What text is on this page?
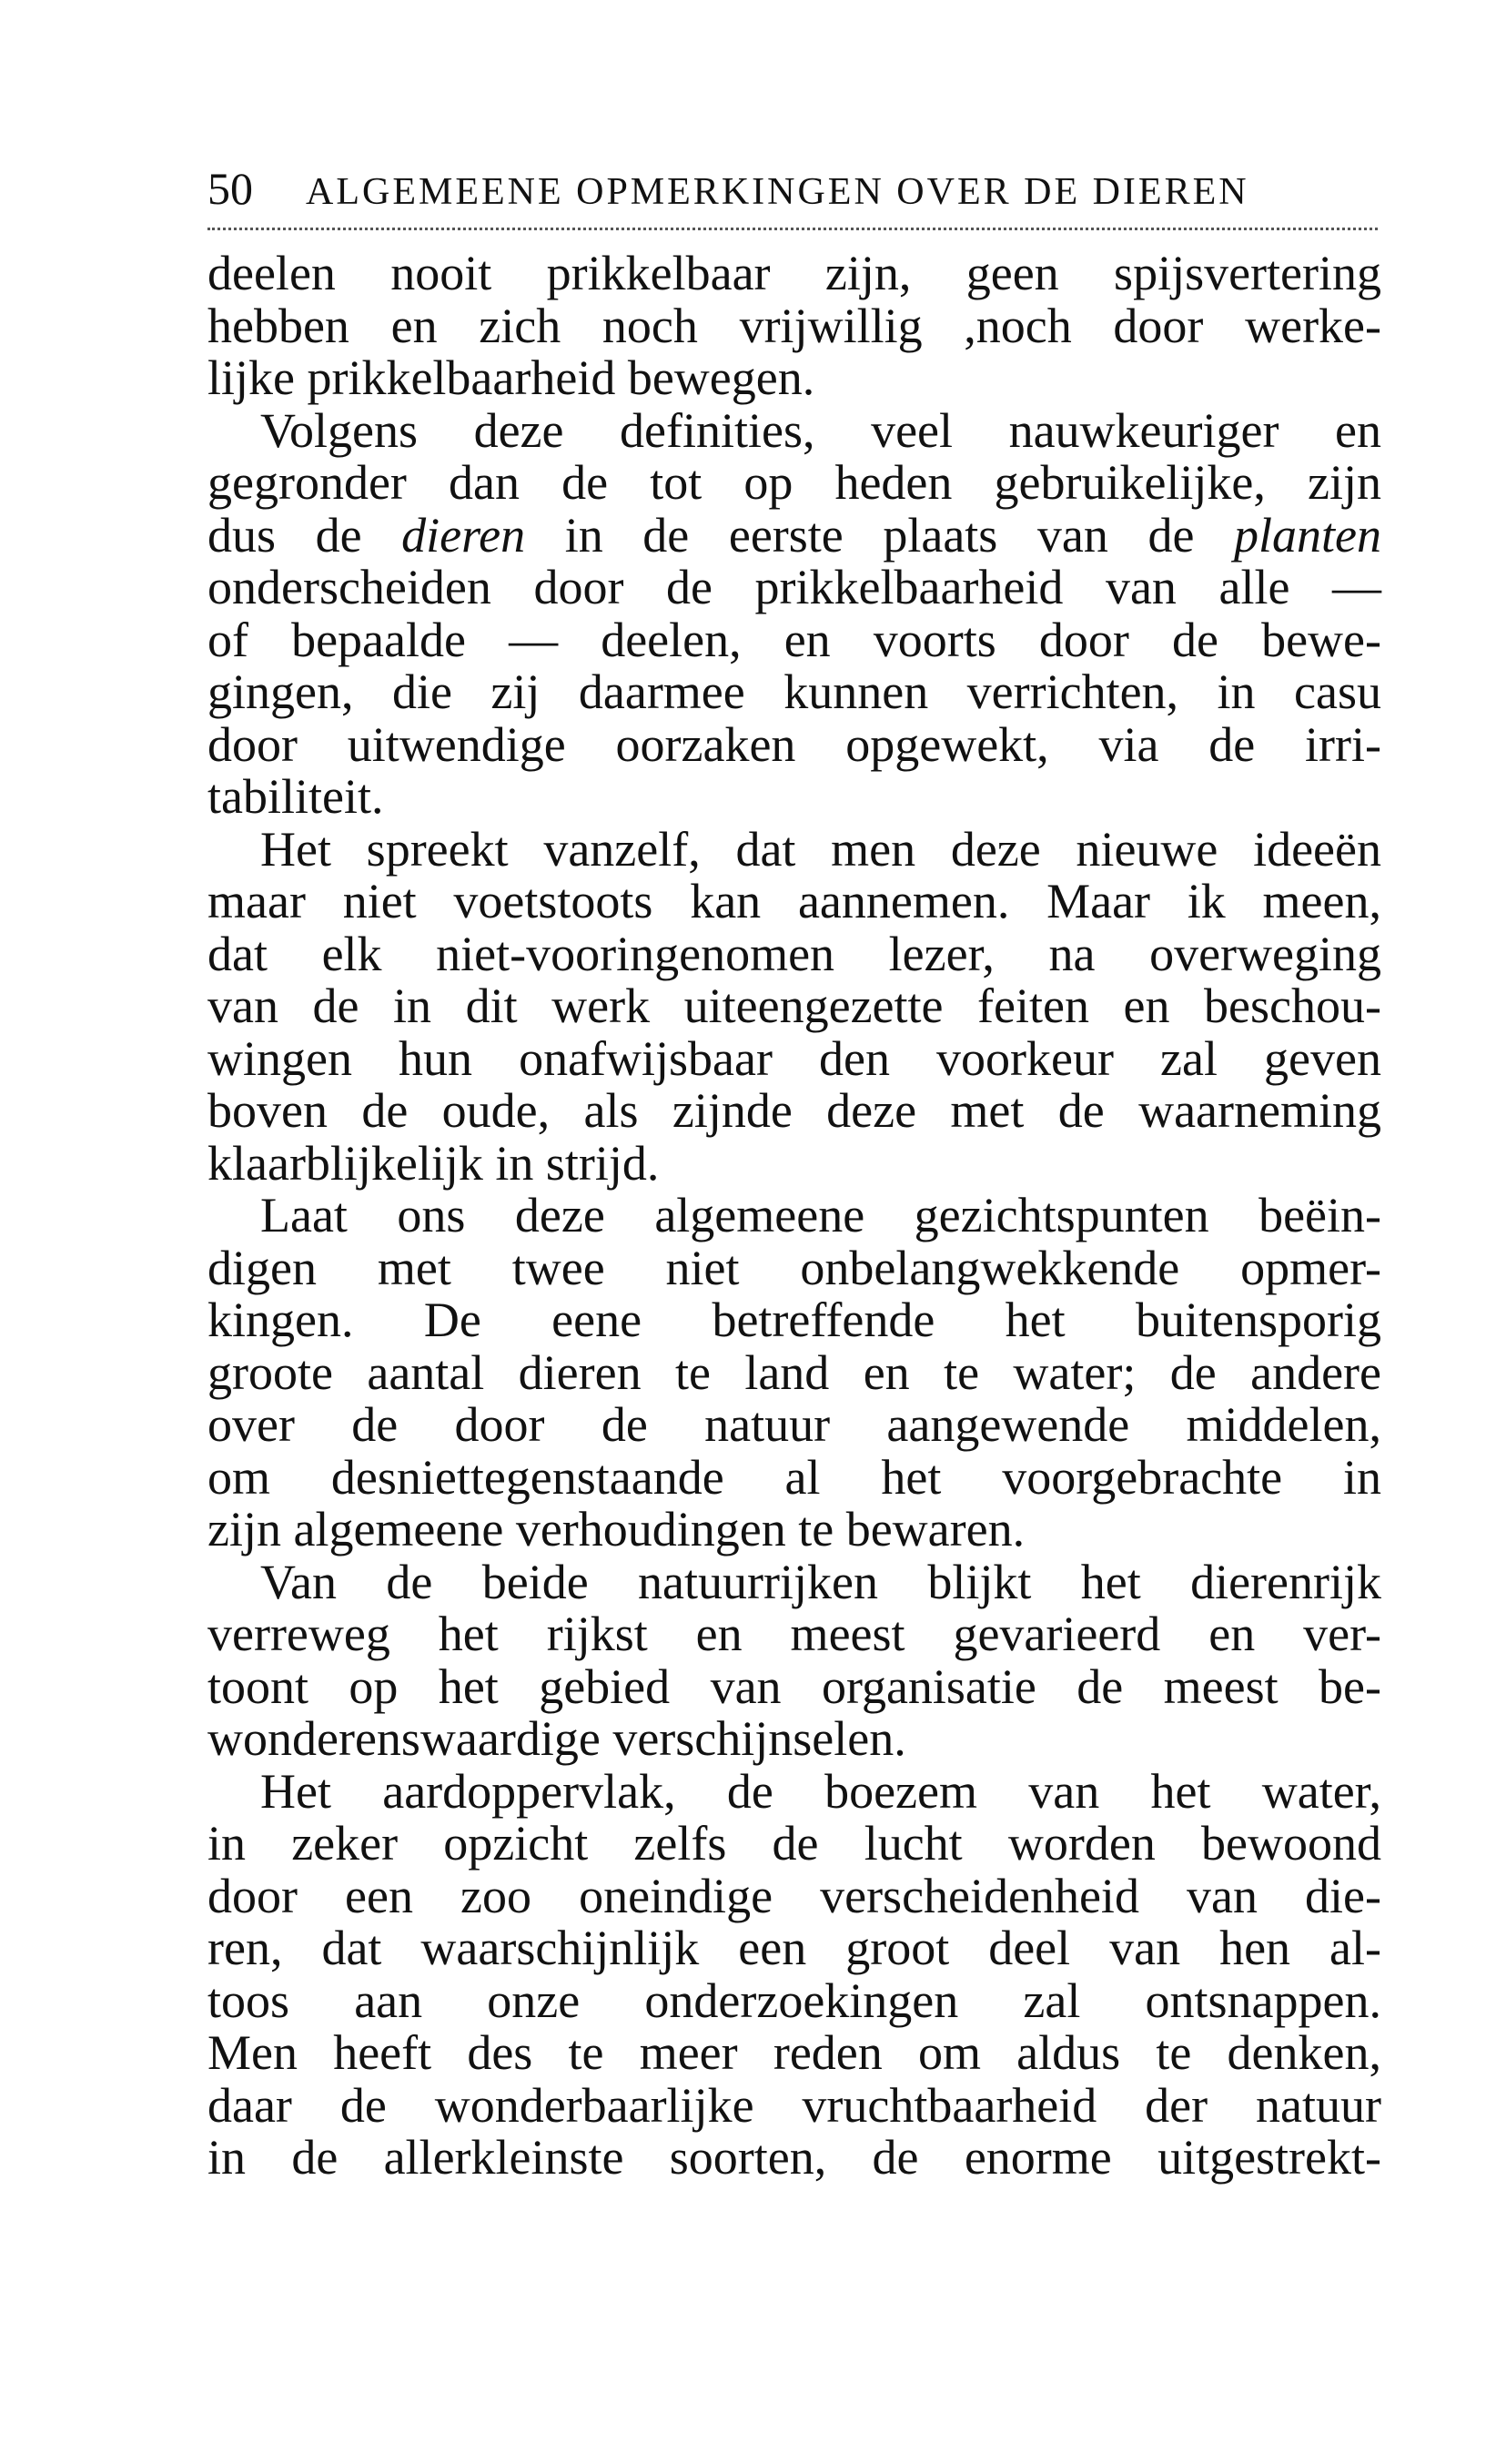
50 ALGEMEENE OPMERKINGEN OVER DE DIEREN
deelen nooit prikkelbaar zijn, geen spijsvertering
hebben en zich noch vrijwillig ,noch door werke-
lijke prikkelbaarheid bewegen.
Volgens deze definities, veel nauwkeuriger en
gegronder dan de tot op heden gebruikelijke, zijn
dus de dieren in de eerste plaats van de planten
onderscheiden door de prikkelbaarheid van alle —
of bepaalde — deelen, en voorts door de bewe-
gingen, die zij daarmee kunnen verrichten, in casu
door uitwendige oorzaken opgewekt, via de irri-
tabiliteit.
Het spreekt vanzelf, dat men deze nieuwe ideeën
maar niet voetstoots kan aannemen. Maar ik meen,
dat elk niet-vooringenomen lezer, na overweging
van de in dit werk uiteengezette feiten en beschou-
wingen hun onafwijsbaar den voorkeur zal geven
boven de oude, als zijnde deze met de waarneming
klaarblijkelijk in strijd.
Laat ons deze algemeene gezichtspunten beëin-
digen met twee niet onbelangwekkende opmer-
kingen. De eene betreffende het buitensporig
groote aantal dieren te land en te water; de andere
over de door de natuur aangewende middelen,
om desniettegenstaande al het voorgebrachte in
zijn algemeene verhoudingen te bewaren.
Van de beide natuurrijken blijkt het dierenrijk
verreweg het rijkst en meest gevarieerd en ver-
toont op het gebied van organisatie de meest be-
wonderenswaardige verschijnselen.
Het aardoppervlak, de boezem van het water,
in zeker opzicht zelfs de lucht worden bewoond
door een zoo oneindige verscheidenheid van die-
ren, dat waarschijnlijk een groot deel van hen al-
toos aan onze onderzoekingen zal ontsnappen.
Men heeft des te meer reden om aldus te denken,
daar de wonderbaarlijke vruchtbaarheid der natuur
in de allerkleinste soorten, de enorme uitgestrekt-
